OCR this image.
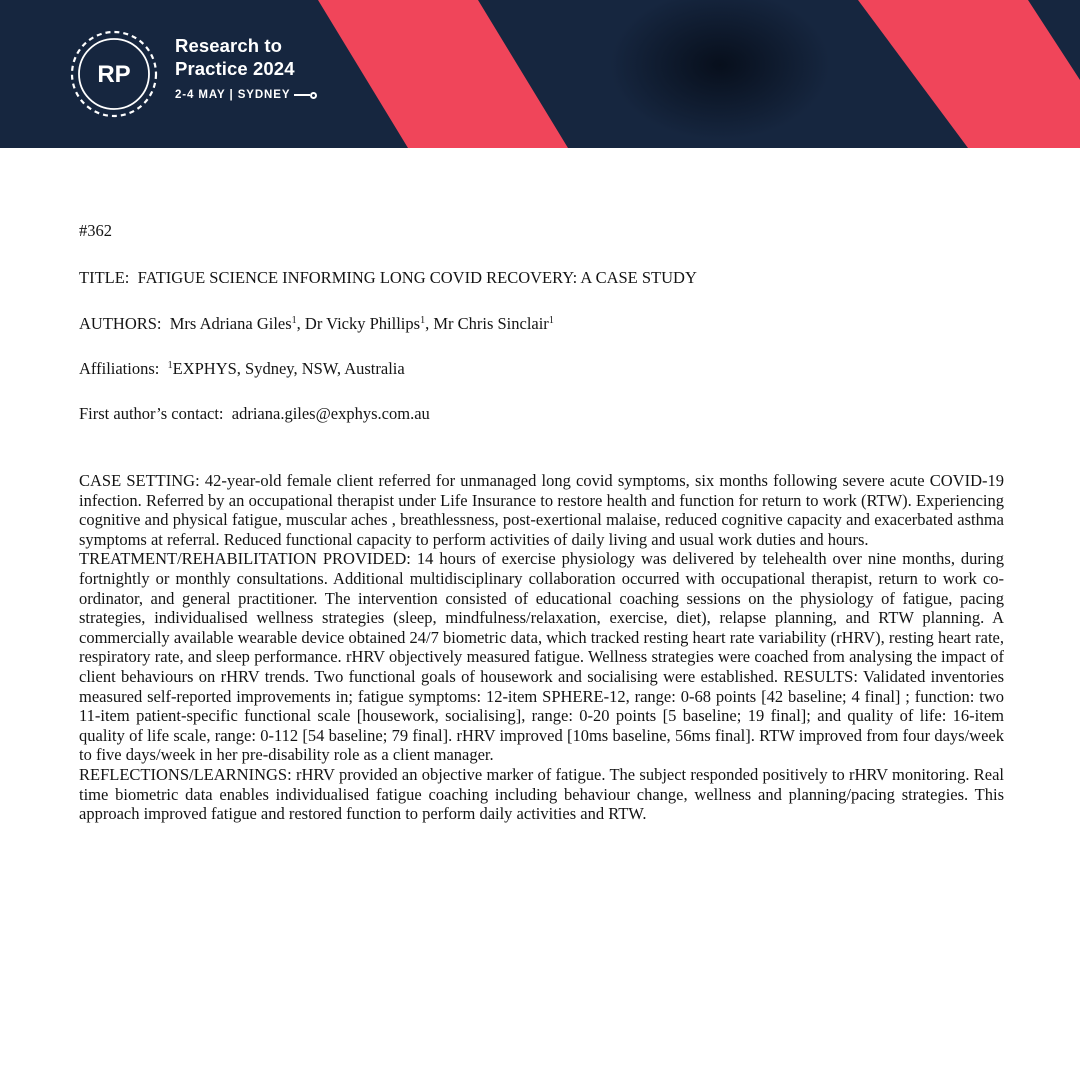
RP
Research to
Practice 2024
2-4 MAY | SYDNEY
#362
TITLE: FATIGUE SCIENCE INFORMING LONG COVID RECOVERY: A CASE STUDY
AUTHORS: Mrs Adriana Giles$^1$, Dr Vicky Phillips$^1$, Mr Chris Sinclair$^1$
Affiliations: $^1$EXPHYS, Sydney, NSW, Australia
First author’s contact: adriana.giles@exphys.com.au

CASE SETTING: 42-year-old female client referred for unmanaged long covid symptoms, six months following severe acute COVID-19 infection. Referred by an occupational therapist under Life Insurance to restore health and function for return to work (RTW). Experiencing cognitive and physical fatigue, muscular aches , breathlessness, post-exertional malaise, reduced cognitive capacity and exacerbated asthma symptoms at referral. Reduced functional capacity to perform activities of daily living and usual work duties and hours.

TREATMENT/REHABILITATION PROVIDED: 14 hours of exercise physiology was delivered by telehealth over nine months, during fortnightly or monthly consultations. Additional multidisciplinary collaboration occurred with occupational therapist, return to work co-ordinator, and general practitioner. The intervention consisted of educational coaching sessions on the physiology of fatigue, pacing strategies, individualised wellness strategies (sleep, mindfulness/relaxation, exercise, diet), relapse planning, and RTW planning. A commercially available wearable device obtained 24/7 biometric data, which tracked resting heart rate variability (rHRV), resting heart rate, respiratory rate, and sleep performance. rHRV objectively measured fatigue. Wellness strategies were coached from analysing the impact of client behaviours on rHRV trends. Two functional goals of housework and socialising were established. RESULTS: Validated inventories measured self-reported improvements in; fatigue symptoms: 12-item SPHERE-12, range: 0-68 points [42 baseline; 4 final] ; function: two 11-item patient-specific functional scale [housework, socialising], range: 0-20 points [5 baseline; 19 final]; and quality of life: 16-item quality of life scale, range: 0-112 [54 baseline; 79 final]. rHRV improved [10ms baseline, 56ms final]. RTW improved from four days/week to five days/week in her pre-disability role as a client manager.

REFLECTIONS/LEARNINGS: rHRV provided an objective marker of fatigue. The subject responded positively to rHRV monitoring. Real time biometric data enables individualised fatigue coaching including behaviour change, wellness and planning/pacing strategies. This approach improved fatigue and restored function to perform daily activities and RTW.
